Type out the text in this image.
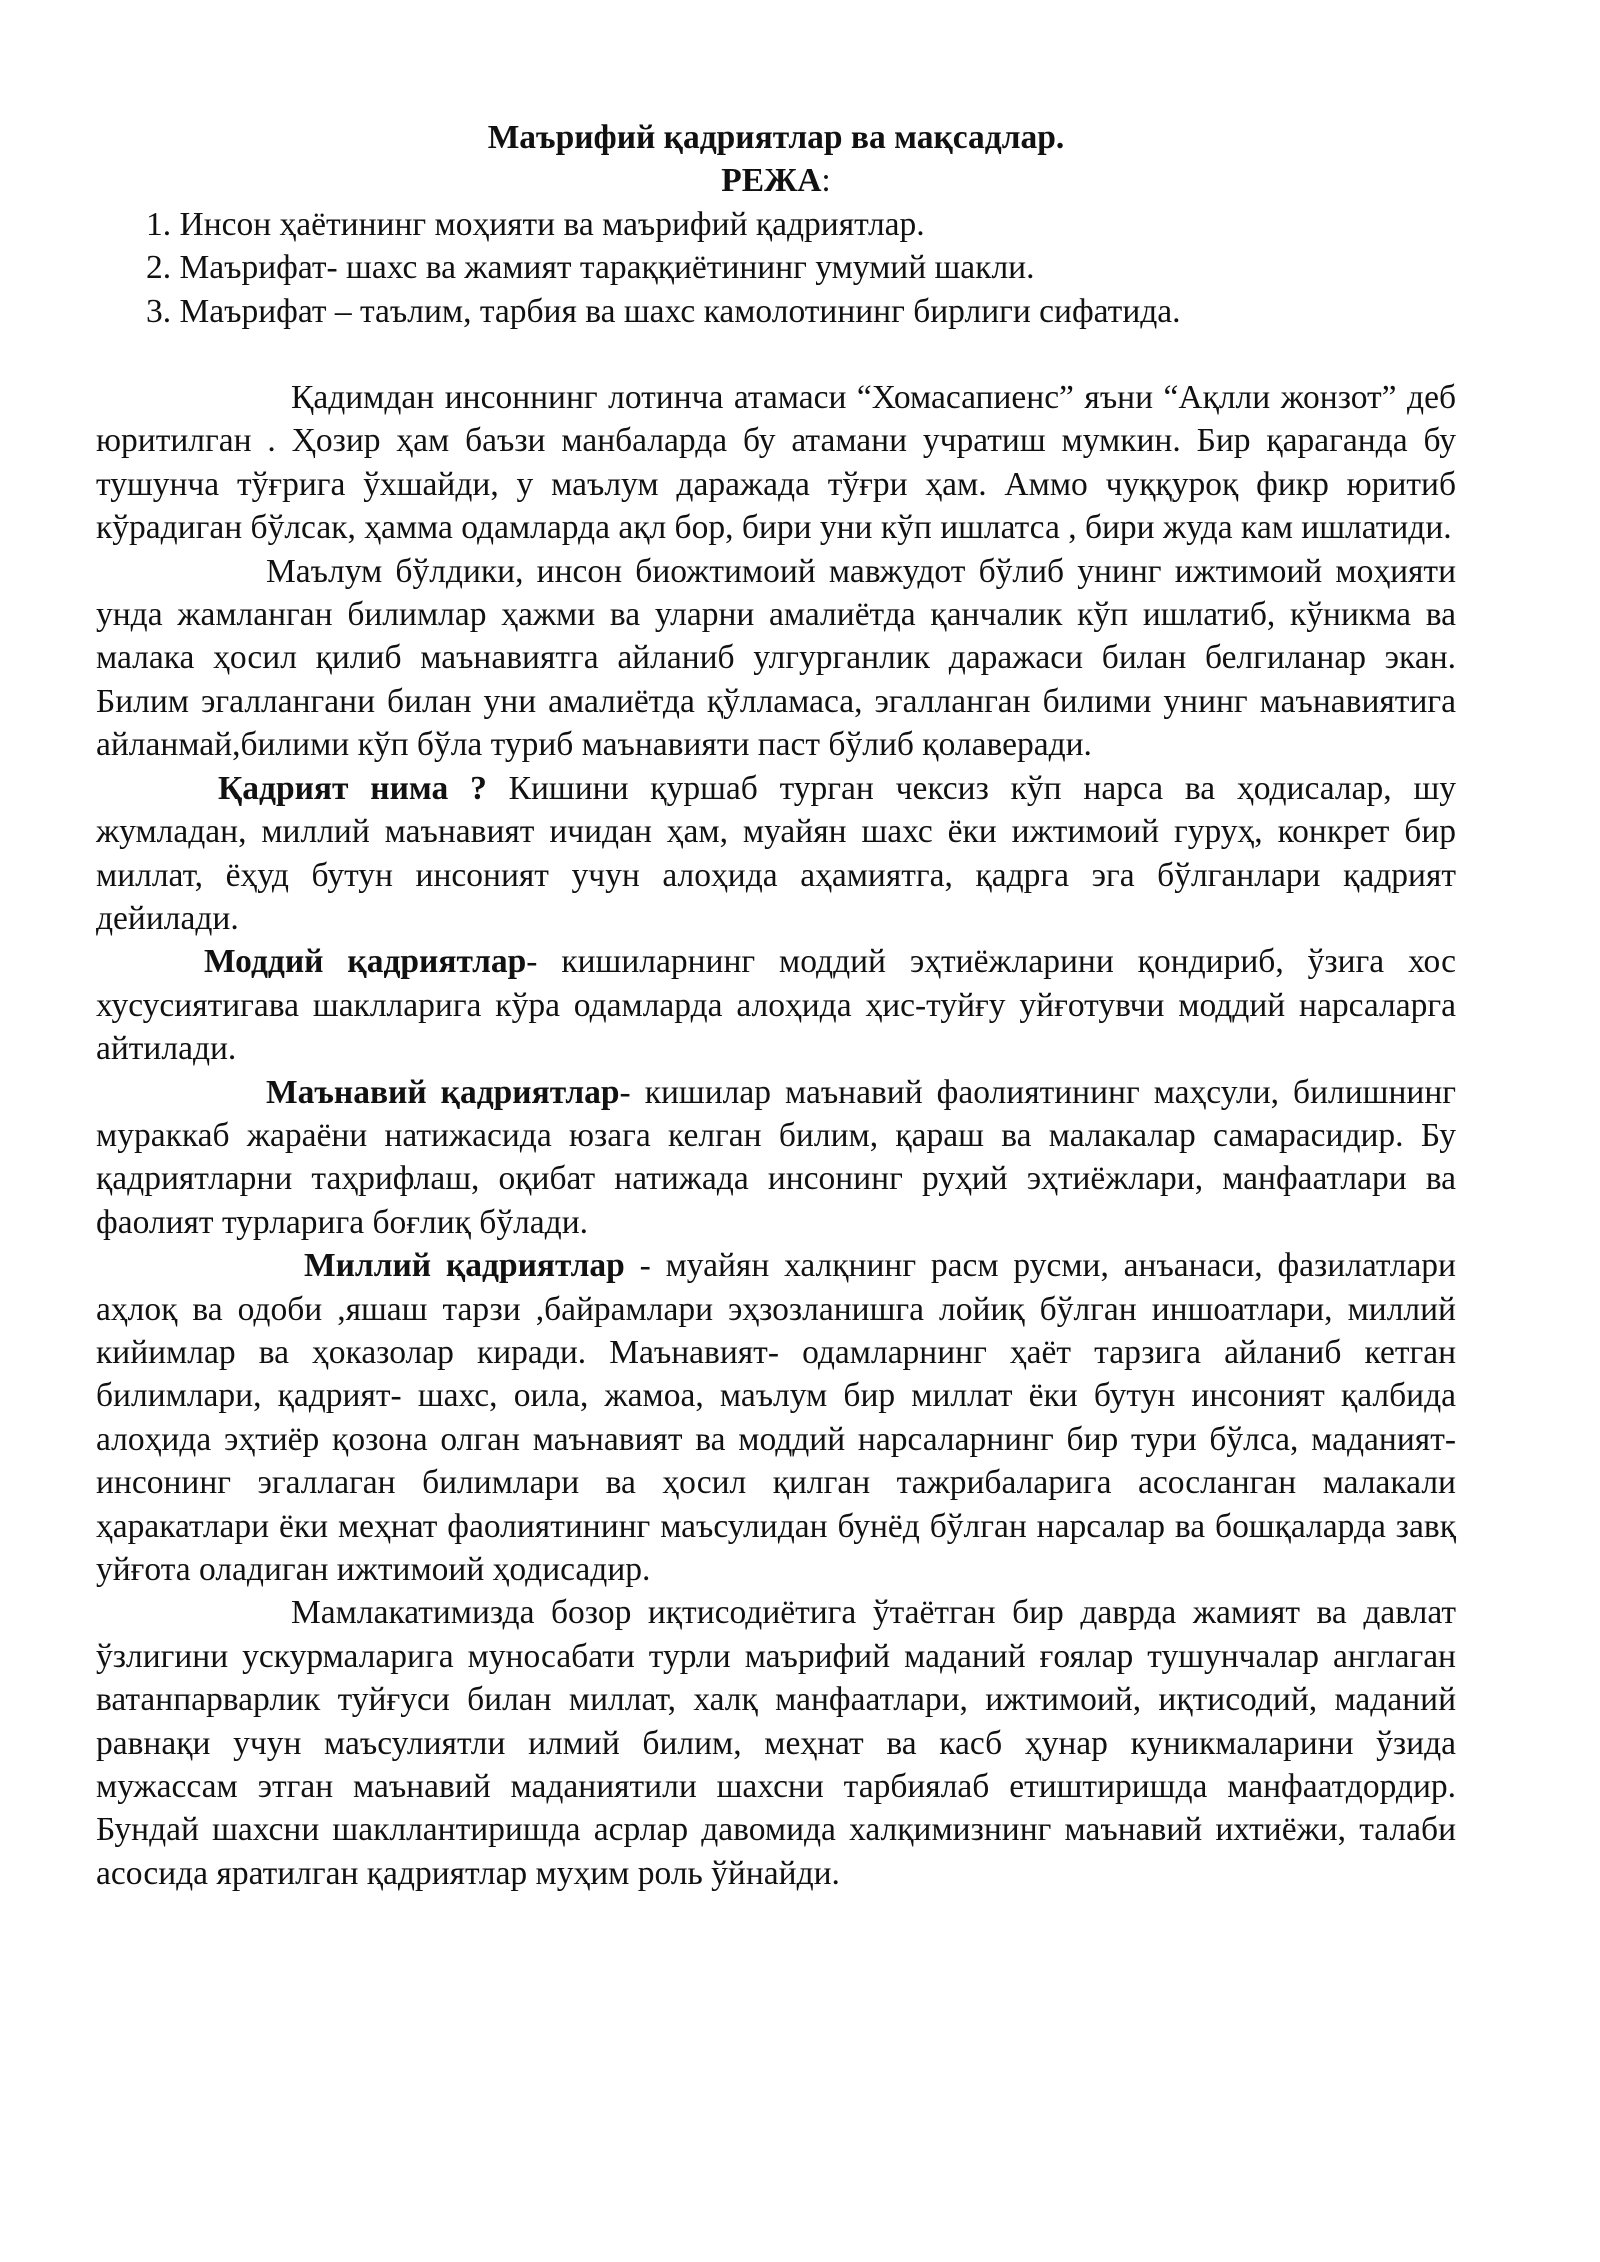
Маърифий қадриятлар ва мақсадлар.
РЕЖА:
1. Инсон ҳаётининг моҳияти ва маърифий қадриятлар.
2. Маърифат- шахс ва жамият тараққиётининг умумий шакли.
3. Маърифат – таълим, тарбия ва шахс камолотининг бирлиги сифатида.

Қадимдан инсоннинг лотинча атамаси “Хомасапиенс” яъни “Ақлли жонзот” деб юритилган . Ҳозир ҳам баъзи манбаларда бу атамани учратиш мумкин. Бир қараганда бу тушунча тўғрига ўхшайди, у маълум даражада тўғри ҳам. Аммо чуққуроқ фикр юритиб кўрадиган бўлсак, ҳамма одамларда ақл бор, бири уни кўп ишлатса , бири жуда кам ишлатиди.

Маълум бўлдики, инсон биожтимоий мавжудот бўлиб унинг ижтимоий моҳияти унда жамланган билимлар ҳажми ва уларни амалиётда қанчалик кўп ишлатиб, кўникма ва малака ҳосил қилиб маънавиятга айланиб улгурганлик даражаси билан белгиланар экан. Билим эгаллангани билан уни амалиётда қўлламаса, эгалланган билими унинг маънавиятига айланмай,билими кўп бўла туриб маънавияти паст бўлиб қолаверади.

Қадрият нима ? Кишини қуршаб турган чексиз кўп нарса ва ҳодисалар, шу жумладан, миллий маънавият ичидан ҳам, муайян шахс ёки ижтимоий гуруҳ, конкрет бир миллат, ёҳуд бутун инсоният учун алоҳида аҳамиятга, қадрга эга бўлганлари қадрият дейилади.

Моддий қадриятлар- кишиларнинг моддий эҳтиёжларини қондириб, ўзига хос хусусиятигава шаклларига кўра одамларда алоҳида ҳис-туйғу уйғотувчи моддий нарсаларга айтилади.

Маънавий қадриятлар- кишилар маънавий фаолиятининг маҳсули, билишнинг мураккаб жараёни натижасида юзага келган билим, қараш ва малакалар самарасидир. Бу қадриятларни таҳрифлаш, оқибат натижада инсонинг руҳий эҳтиёжлари, манфаатлари ва фаолият турларига боғлиқ бўлади.

Миллий қадриятлар - муайян халқнинг расм русми, анъанаси, фазилатлари аҳлоқ ва одоби ,яшаш тарзи ,байрамлари эҳзозланишга лойиқ бўлган иншоатлари, миллий кийимлар ва ҳоказолар киради. Маънавият- одамларнинг ҳаёт тарзига айланиб кетган билимлари, қадрият- шахс, оила, жамоа, маълум бир миллат ёки бутун инсоният қалбида алоҳида эҳтиёр қозона олган маънавият ва моддий нарсаларнинг бир тури бўлса, маданият-инсонинг эгаллаган билимлари ва ҳосил қилган тажрибаларига асосланган малакали ҳаракатлари ёки меҳнат фаолиятининг маъсулидан бунёд бўлган нарсалар ва бошқаларда завқ уйғота оладиган ижтимоий ҳодисадир.

Мамлакатимизда бозор иқтисодиётига ўтаётган бир даврда жамият ва давлат ўзлигини ускурмаларига муносабати турли маърифий маданий ғоялар тушунчалар англаган ватанпарварлик туйғуси билан миллат, халқ манфаатлари, ижтимоий, иқтисодий, маданий равнақи учун маъсулиятли илмий билим, меҳнат ва касб ҳунар куникмаларини ўзида мужассам этган маънавий маданиятили шахсни тарбиялаб етиштиришда манфаатдордир. Бундай шахсни шакллантиришда асрлар давомида халқимизнинг маънавий ихтиёжи, талаби асосида яратилган қадриятлар муҳим роль ўйнайди.
